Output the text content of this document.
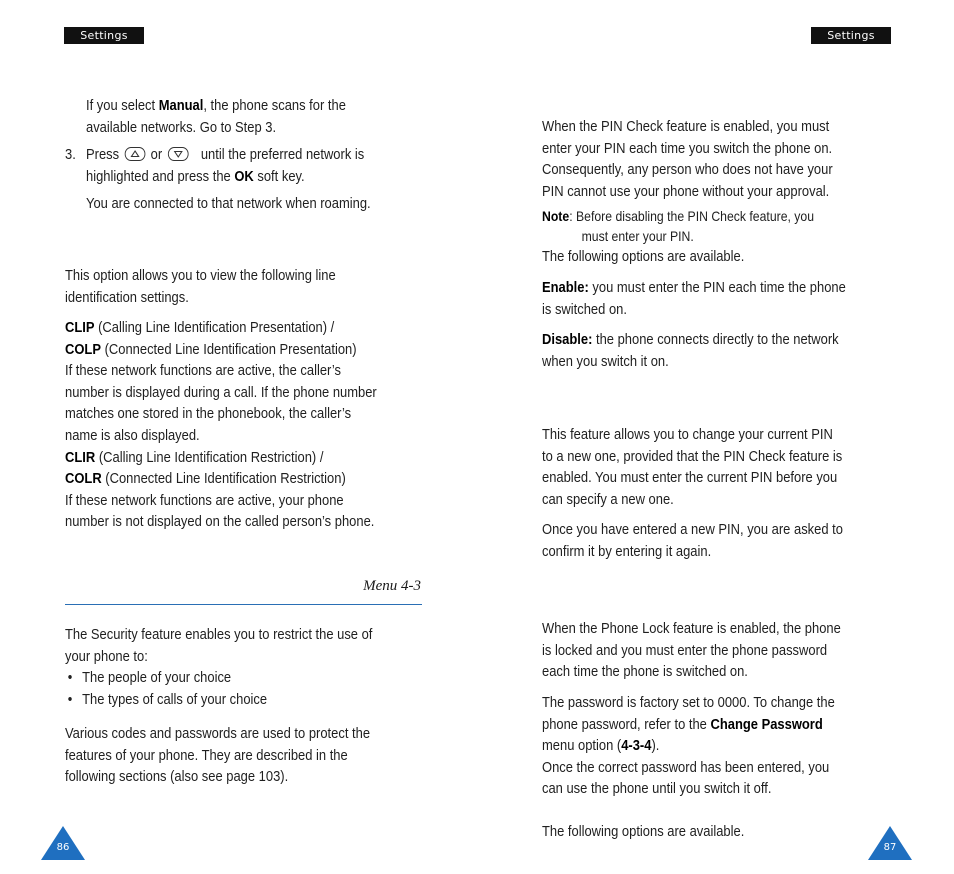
Settings	Settings
If you select Manual, the phone scans for the
available networks. Go to Step 3.
3. Press or	until the preferred network is
highlighted and press the OK soft key.
You are connected to that network when roaming.
This option allows you to view the following line
identification settings.
CLIP (Calling Line Identification Presentation) /
COLP (Connected Line Identification Presentation)
If these network functions are active, the caller’s
number is displayed during a call. If the phone number
matches one stored in the phonebook, the caller’s
name is also displayed.
CLIR (Calling Line Identification Restriction) /
COLR (Connected Line Identification Restriction)
If these network functions are active, your phone
number is not displayed on the called person’s phone.
Menu 4-3
The Security feature enables you to restrict the use of
your phone to:
• The people of your choice
• The types of calls of your choice
Various codes and passwords are used to protect the
features of your phone. They are described in the
following sections (also see page 103).
When the PIN Check feature is enabled, you must
enter your PIN each time you switch the phone on.
Consequently, any person who does not have your
PIN cannot use your phone without your approval.
Note: Before disabling the PIN Check feature, you
must enter your PIN.
The following options are available.
Enable: you must enter the PIN each time the phone
is switched on.
Disable: the phone connects directly to the network
when you switch it on.
This feature allows you to change your current PIN
to a new one, provided that the PIN Check feature is
enabled. You must enter the current PIN before you
can specify a new one.
Once you have entered a new PIN, you are asked to
confirm it by entering it again.
When the Phone Lock feature is enabled, the phone
is locked and you must enter the phone password
each time the phone is switched on.
The password is factory set to 0000. To change the
phone password, refer to the Change Password
menu option (4-3-4).
Once the correct password has been entered, you
can use the phone until you switch it off.
The following options are available.
86	87
